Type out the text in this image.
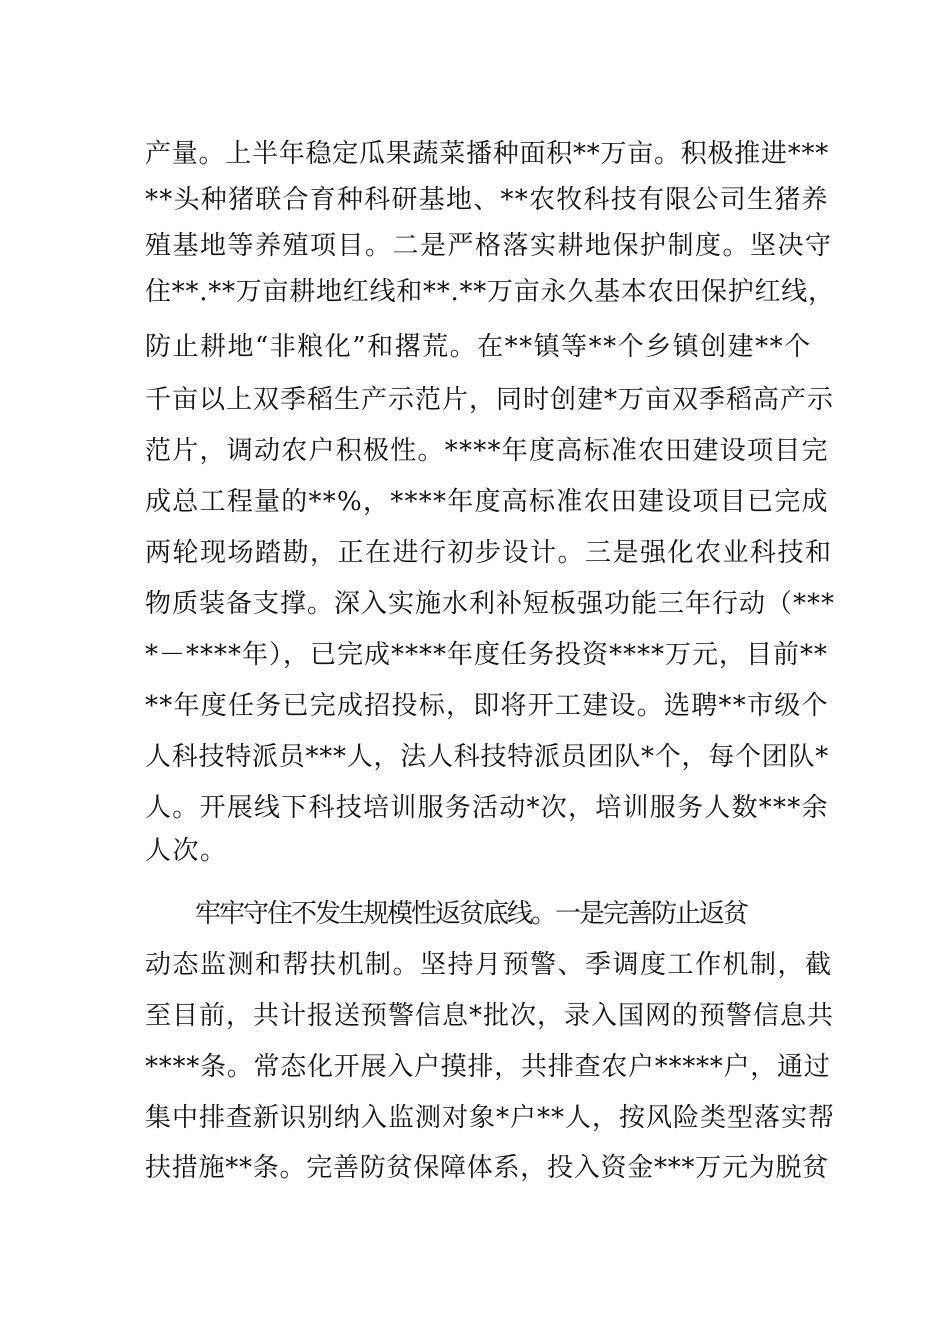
产量。上半年稳定瓜果蔬菜播种面积**万亩。积极推进***
**头种猪联合育种科研基地、**农牧科技有限公司生猪养
殖基地等养殖项目。二是严格落实耕地保护制度。坚决守
住**.**万亩耕地红线和**.**万亩永久基本农田保护红线，
防止耕地“非粮化”和撂荒。在**镇等**个乡镇创建**个
千亩以上双季稻生产示范片，同时创建*万亩双季稻高产示
范片，调动农户积极性。****年度高标准农田建设项目完
成总工程量的**%，****年度高标准农田建设项目已完成
两轮现场踏勘，正在进行初步设计。三是强化农业科技和
物质装备支撑。深入实施水利补短板强功能三年行动（***
*－****年），已完成****年度任务投资****万元，目前**
**年度任务已完成招投标，即将开工建设。选聘**市级个
人科技特派员***人，法人科技特派员团队*个，每个团队*
人。开展线下科技培训服务活动*次，培训服务人数***余
人次。
牢牢守住不发生规模性返贫底线。一是完善防止返贫
动态监测和帮扶机制。坚持月预警、季调度工作机制，截
至目前，共计报送预警信息*批次，录入国网的预警信息共
****条。常态化开展入户摸排，共排查农户*****户，通过
集中排查新识别纳入监测对象*户**人，按风险类型落实帮
扶措施**条。完善防贫保障体系，投入资金***万元为脱贫
